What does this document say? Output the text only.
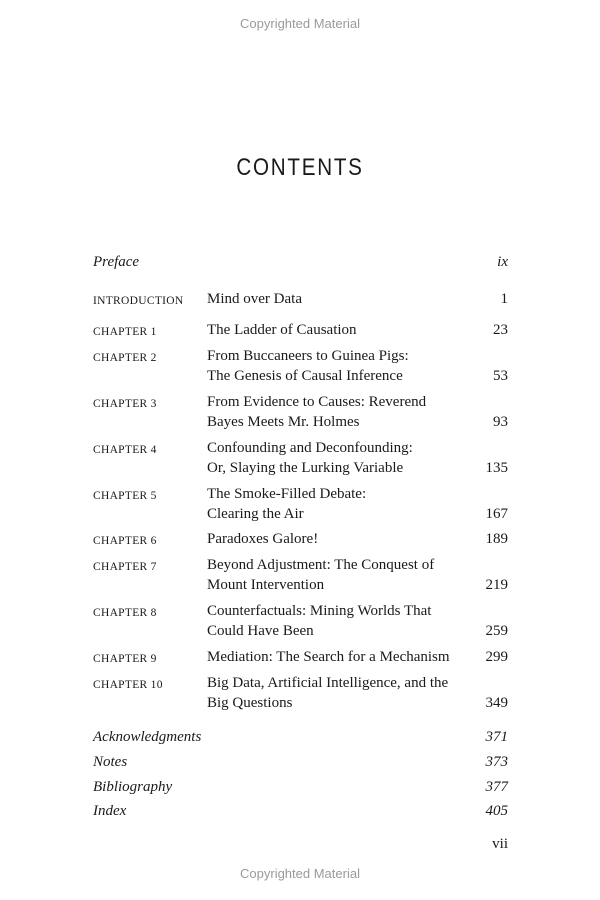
Copyrighted Material
CONTENTS
Preface	ix
INTRODUCTION Mind over Data	1
CHAPTER 1	The Ladder of Causation	23
CHAPTER 2	From Buccaneers to Guinea Pigs:
The Genesis of Causal Inference	53
CHAPTER 3	From Evidence to Causes: Reverend
Bayes Meets Mr. Holmes	93
CHAPTER 4	Confounding and Deconfounding:
Or, Slaying the Lurking Variable	135
CHAPTER 5	The Smoke-Filled Debate:
Clearing the Air	167
CHAPTER 6	Paradoxes Galore!	189
CHAPTER 7	Beyond Adjustment: The Conquest of
Mount Intervention	219
CHAPTER 8	Counterfactuals: Mining Worlds That
Could Have Been	259
CHAPTER 9	Mediation: The Search for a Mechanism	299
CHAPTER 10	Big Data, Artificial Intelligence, and the
Big Questions	349
Acknowledgments	371
Notes	373
Bibliography	377
Index	405
vii
Copyrighted Material
